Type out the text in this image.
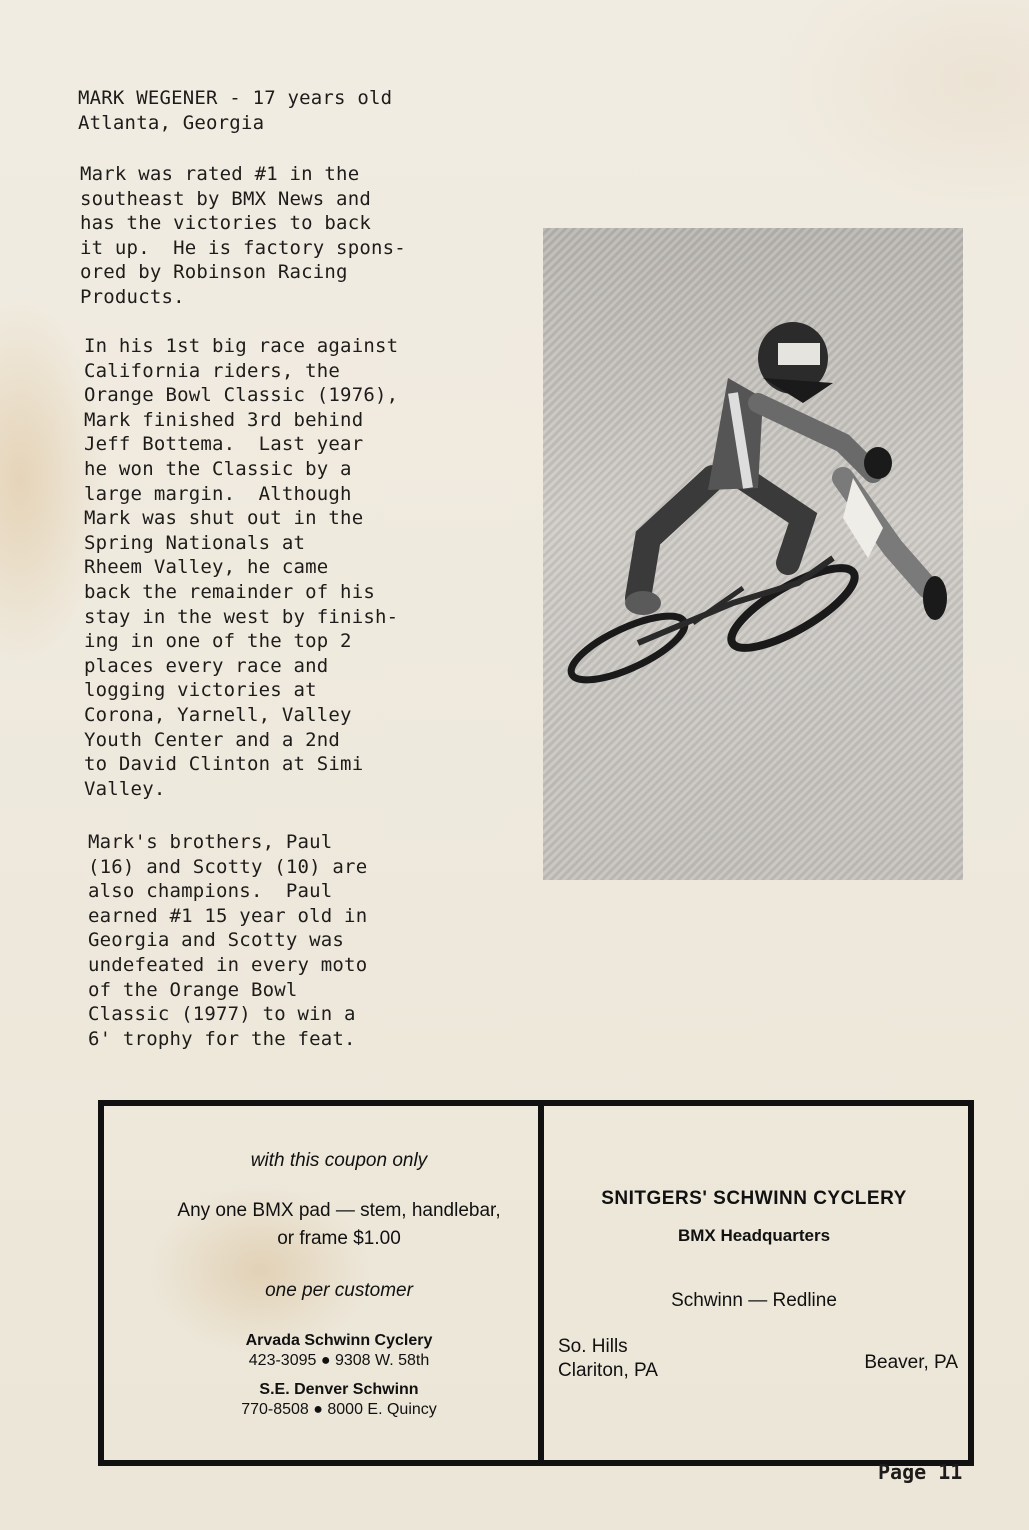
MARK WEGENER - 17 years old
Atlanta, Georgia
Mark was rated #1 in the
southeast by BMX News and
has the victories to back
it up.  He is factory spons-
ored by Robinson Racing
Products.
In his 1st big race against
California riders, the
Orange Bowl Classic (1976),
Mark finished 3rd behind
Jeff Bottema.  Last year
he won the Classic by a
large margin.  Although
Mark was shut out in the
Spring Nationals at
Rheem Valley, he came
back the remainder of his
stay in the west by finish-
ing in one of the top 2
places every race and
logging victories at
Corona, Yarnell, Valley
Youth Center and a 2nd
to David Clinton at Simi
Valley.
Mark's brothers, Paul
(16) and Scotty (10) are
also champions.  Paul
earned #1 15 year old in
Georgia and Scotty was
undefeated in every moto
of the Orange Bowl
Classic (1977) to win a
6' trophy for the feat.
with this coupon only
Any one BMX pad — stem, handlebar,
or frame $1.00
one per customer
Arvada Schwinn Cyclery
423-3095 ● 9308 W. 58th
S.E. Denver Schwinn
770-8508 ● 8000 E. Quincy
SNITGERS' SCHWINN CYCLERY
BMX Headquarters
Schwinn — Redline
So. Hills
Clariton, PA	Beaver, PA
Page 11
